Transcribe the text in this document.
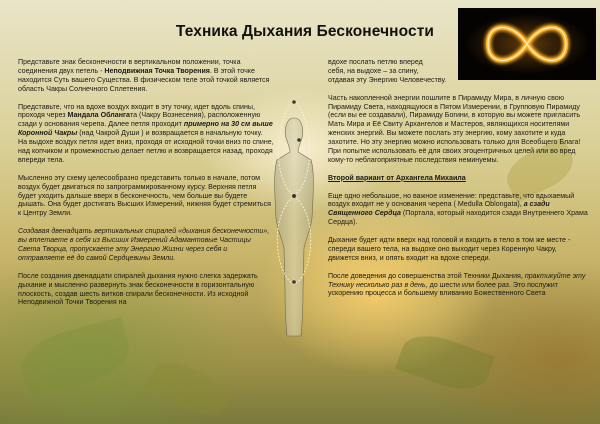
Техника Дыхания Бесконечности

Представьте знак бесконечности в вертикальном положении, точка соединения двух петель - Неподвижная Точка Творения. В этой точке находится Суть вашего Существа. В физическом теле этой точкой является область Чакры Солнечного Сплетения.

Представьте, что на вдохе воздух входит в эту точку, идет вдоль спины, проходя через Мандала Облангата (Чакру Вознесения), расположенную сзади у основания черепа. Далее петля проходит примерно на 30 см выше Коронной Чакры (над Чакрой Души ) и возвращается в начальную точку.
На выдохе воздух петля идет вниз, проходя от исходной точки вниз по спине, над копчиком и промежностью делает петлю и возвращается назад, проходя впереди тела.

Мысленно эту схему целесообразно представить только в начале, потом воздух будет двигаться по запрограммированному курсу. Верхняя петля будет уходить дальше вверх в бесконечность, чем больше вы будете дышать. Она будет достигать Высших Измерений, нижняя будет стремиться к Центру Земли.

Создавая двенадцать вертикальных спиралей «дыхания бесконечности», вы вплетаете в себя из Высших Измерений Адамантовые Частицы Света Творца, пропускаете эту Энергию Жизни через себя и отправляете её до самой Сердцевины Земли.

После создания двенадцати спиралей дыхания нужно слегка задержать дыхание и мысленно развернуть знак бесконечности в горизонтальную плоскость, создав шесть витков спирали бесконечности. Из исходной Неподвижной Точки Творения на

вдохе послать петлю вперед
себя, на выдохе – за спину,
отдавая эту Энергию Человечеству.

Часть накопленной энергии пошлите в Пирамиду Мира, в личную свою Пирамиду Света, находящуюся в Пятом Измерении, в Групповую Пирамиду (если вы ее создавали), Пирамиду Богини, в которую вы можете пригласить Мать Мира и Её Свиту Архангелов и Мастеров, являющихся носителями женских энергий. Вы можете послать эту энергию, кому захотите и куда захотите. Но эту энергию можно использовать только для Всеобщего Блага! При попытке использовать её для своих эгоцентричных целей или во вред кому-то неблагоприятные последствия неминуемы.

Второй вариант от Архангела Михаила

Еще одно небольшое, но важное изменение: представьте, что вдыхаемый воздух входит не у основания черепа ( Medulla Oblongata), а сзади Священного Сердца (Портала, который находится сзади Внутреннего Храма Сердца).

Дыхание будет идти вверх над головой и входить в тело в том же месте - спереди вашего тела, на выдохе оно выходит через Коренную Чакру, движется вниз, и опять входит на вдохе спереди.

После доведения до совершенства этой Техники Дыхания, практикуйте эту Технику несколько раз в день, до шести или более раз. Это послужит ускорению процесса и большему вливанию Божественного Света
